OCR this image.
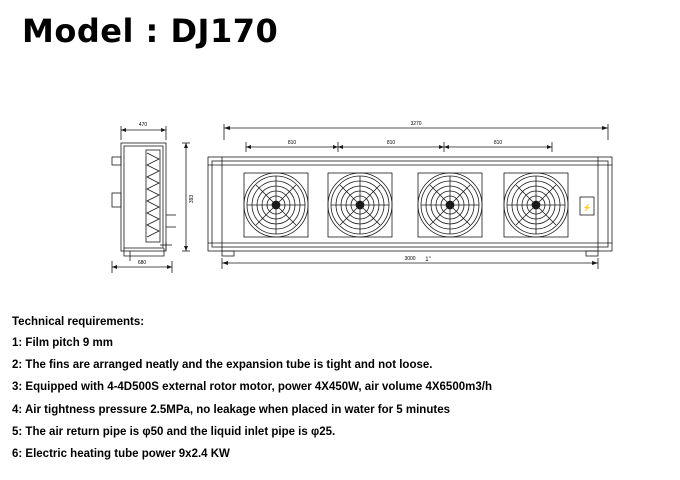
Model : DJ170
470
393
680
3270
810	810	810
3000 1"
⚡
Technical requirements:
1: Film pitch 9 mm
2: The fins are arranged neatly and the expansion tube is tight and not loose.
3: Equipped with 4-4D500S external rotor motor, power 4X450W, air volume 4X6500m3/h
4: Air tightness pressure 2.5MPa, no leakage when placed in water for 5 minutes
5: The air return pipe is φ50 and the liquid inlet pipe is φ25.
6: Electric heating tube power 9x2.4 KW
